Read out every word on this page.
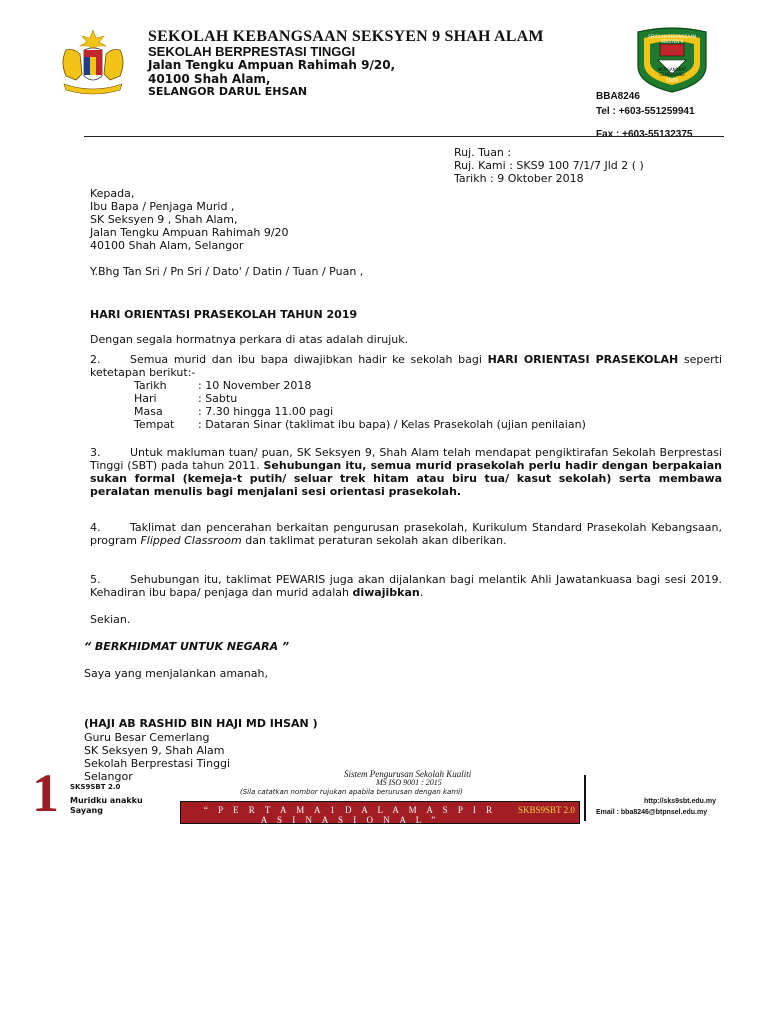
SEKOLAH KEBANGSAAN SEKSYEN 9 SHAH ALAM
SEKOLAH BERPRESTASI TINGGI
Jalan Tengku Ampuan Rahimah 9/20,
40100 Shah Alam,
SELANGOR DARUL EHSAN
SEKOLAH KEBANGSAAN SEKSYEN 9
MENGANGKAT CEMERLANG
1989
BBA8246
Tel : +603-551259941
Fax : +603-55132375
Ruj. Tuan :
Ruj. Kami : SKS9 100 7/1/7 Jld 2 ( )
Tarikh : 9 Oktober 2018
Kepada,
Ibu Bapa / Penjaga Murid ,
SK Seksyen 9 , Shah Alam,
Jalan Tengku Ampuan Rahimah 9/20
40100 Shah Alam, Selangor
Y.Bhg Tan Sri / Pn Sri / Dato' / Datin / Tuan / Puan ,
HARI ORIENTASI PRASEKOLAH TAHUN 2019
Dengan segala hormatnya perkara di atas adalah dirujuk.
2.	Semua murid dan ibu bapa diwajibkan hadir ke sekolah bagi HARI ORIENTASI PRASEKOLAH seperti ketetapan berikut:-
Tarikh	: 10 November 2018
Hari	: Sabtu
Masa	: 7.30 hingga 11.00 pagi
Tempat : Dataran Sinar (taklimat ibu bapa) / Kelas Prasekolah (ujian penilaian)
3.	Untuk makluman tuan/ puan, SK Seksyen 9, Shah Alam telah mendapat pengiktirafan Sekolah Berprestasi Tinggi (SBT) pada tahun 2011. Sehubungan itu, semua murid prasekolah perlu hadir dengan berpakaian sukan formal (kemeja-t putih/ seluar trek hitam atau biru tua/ kasut sekolah) serta membawa peralatan menulis bagi menjalani sesi orientasi prasekolah.
4.	Taklimat dan pencerahan berkaitan pengurusan prasekolah, Kurikulum Standard Prasekolah Kebangsaan, program Flipped Classroom dan taklimat peraturan sekolah akan diberikan.
5.	Sehubungan itu, taklimat PEWARIS juga akan dijalankan bagi melantik Ahli Jawatankuasa bagi sesi 2019. Kehadiran ibu bapa/ penjaga dan murid adalah diwajibkan.
Sekian.
“ BERKHIDMAT UNTUK NEGARA ”
Saya yang menjalankan amanah,
(HAJI AB RASHID BIN HAJI MD IHSAN )
Guru Besar Cemerlang
SK Seksyen 9, Shah Alam
Sekolah Berprestasi Tinggi
Selangor
1 SKS9SBT 2.0
Muridku anakku
Sayang
Sistem Pengurusan Sekolah Kualiti
MS ISO 9001 : 2015
(Sila catatkan nombor rujukan apabila berurusan dengan kami)
“ P E R T A M A 1 D A L A M A S P I R A S I N A S I O N A L ”
SKBS9SBT 2.0
http://sks9sbt.edu.my
Email : bba8246@btpnsel.edu.my
